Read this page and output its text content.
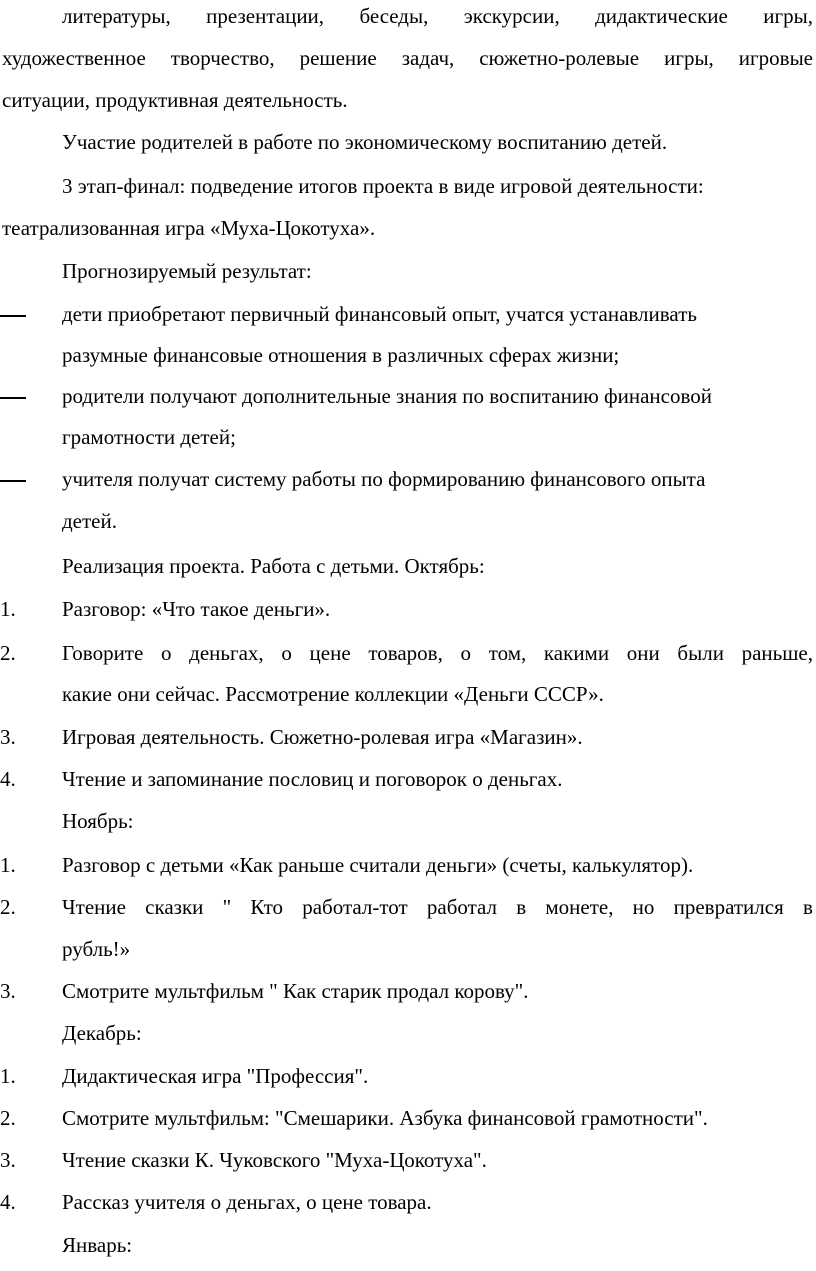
литературы, презентации, беседы, экскурсии, дидактические игры,
художественное творчество, решение задач, сюжетно-ролевые игры, игровые
ситуации, продуктивная деятельность.
Участие родителей в работе по экономическому воспитанию детей.
3 этап-финал: подведение итогов проекта в виде игровой деятельности:
театрализованная игра «Муха-Цокотуха».
Прогнозируемый результат:
дети приобретают первичный финансовый опыт, учатся устанавливать
разумные финансовые отношения в различных сферах жизни;
родители получают дополнительные знания по воспитанию финансовой
грамотности детей;
учителя получат систему работы по формированию финансового опыта
детей.
Реализация проекта. Работа с детьми. Октябрь:
1. Разговор: «Что такое деньги».
2. Говорите о деньгах, о цене товаров, о том, какими они были раньше,
какие они сейчас. Рассмотрение коллекции «Деньги СССР».
3. Игровая деятельность. Сюжетно-ролевая игра «Магазин».
4. Чтение и запоминание пословиц и поговорок о деньгах.
Ноябрь:
1. Разговор с детьми «Как раньше считали деньги» (счеты, калькулятор).
2. Чтение сказки " Кто работал-тот работал в монете, но превратился в
рубль!»
3. Смотрите мультфильм " Как старик продал корову".
Декабрь:
1. Дидактическая игра "Профессия".
2. Смотрите мультфильм: "Смешарики. Азбука финансовой грамотности".
3. Чтение сказки К. Чуковского "Муха-Цокотуха".
4. Рассказ учителя о деньгах, о цене товара.
Январь:
